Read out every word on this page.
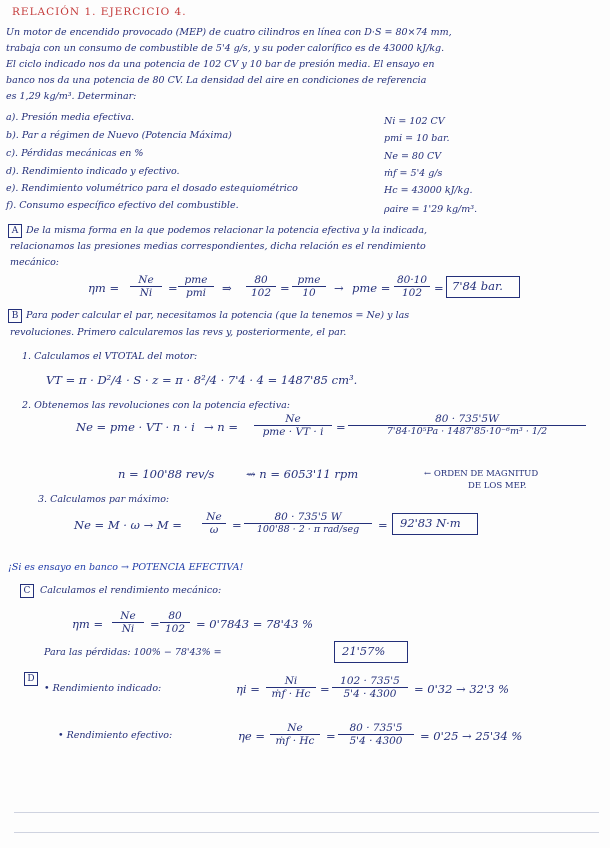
RELACIÓN 1. EJERCICIO 4.
Un motor de encendido provocado (MEP) de cuatro cilindros en línea con D·S = 80×74 mm,
trabaja con un consumo de combustible de 5'4 g/s, y su poder calorífico es de 43000 kJ/kg.
El ciclo indicado nos da una potencia de 102 CV y 10 bar de presión media. El ensayo en
banco nos da una potencia de 80 CV. La densidad del aire en condiciones de referencia
es 1,29 kg/m³. Determinar:
a). Presión media efectiva.
b). Par a régimen de Nuevo (Potencia Máxima)
c). Pérdidas mecánicas en %
d). Rendimiento indicado y efectivo.
e). Rendimiento volumétrico para el dosado estequiométrico
f). Consumo específico efectivo del combustible.
Ni = 102 CV
pmi = 10 bar.
Ne = 80 CV
ṁf = 5'4 g/s
Hc = 43000 kJ/kg.
ρaire = 1'29 kg/m³.
A De la misma forma en la que podemos relacionar la potencia efectiva y la indicada,
relacionamos las presiones medias correspondientes, dicha relación es el rendimiento
mecánico:
$\eta m = \frac{Ne}{Ni}$ =
pme
pmi	⇒ $\frac{80}{102}$ =
pme
10	→ pme = $\frac{80\cdot 10}{102} = 7'84$ bar.
B Para poder calcular el par, necesitamos la potencia (que la tenemos = Ne) y las
revoluciones. Primero calcularemos las revs y, posteriormente, el par.
1. Calculamos el VTOTAL del motor:
VT = π · D²/4 · S · z = π · 8²/4 · 7'4 · 4 = 1487'85 cm³.
2. Obtenemos las revoluciones con la potencia efectiva:
Ne = pme · VT · n · i → n =
Ne
pme · VT · i	= $\frac{80 \cdot 735'5W}{\text{7'84·10⁵Pa · 1487'85·10⁻⁶m³ · 1/2}}$
n = 100'88 rev/s	⇝ n = 6053'11 rpm	← ORDEN DE MAGNITUD
DE LOS MEP.
3. Calculamos par máximo:
$Ne = M \cdot \omega \to M = \frac{Ne}{\omega}$ =
80 · 735'5 W
100'88 · 2 · π rad/seg	= 92'83 N·m
¡Si es ensayo en banco → POTENCIA EFECTIVA!
C	Calculamos el rendimiento mecánico:
$\eta m = \frac{Ne}{Ni} = \frac{80}{102} = 0'7843 = 78'43$ %
Para las pérdidas: 100% − 78'43% =	21'57%
D
• Rendimiento indicado:	$\eta i = \frac{Ni}{\text{ṁf · Hc}} = \frac{102 \cdot 735'5}{5'4 \cdot 4300} = 0'32 \to 32'3$ %
• Rendimiento efectivo:	$\eta e = \frac{Ne}{\text{ṁf · Hc}} = \frac{80 \cdot 735'5}{5'4 \cdot 4300} = 0'25 \to 25'34$ %
